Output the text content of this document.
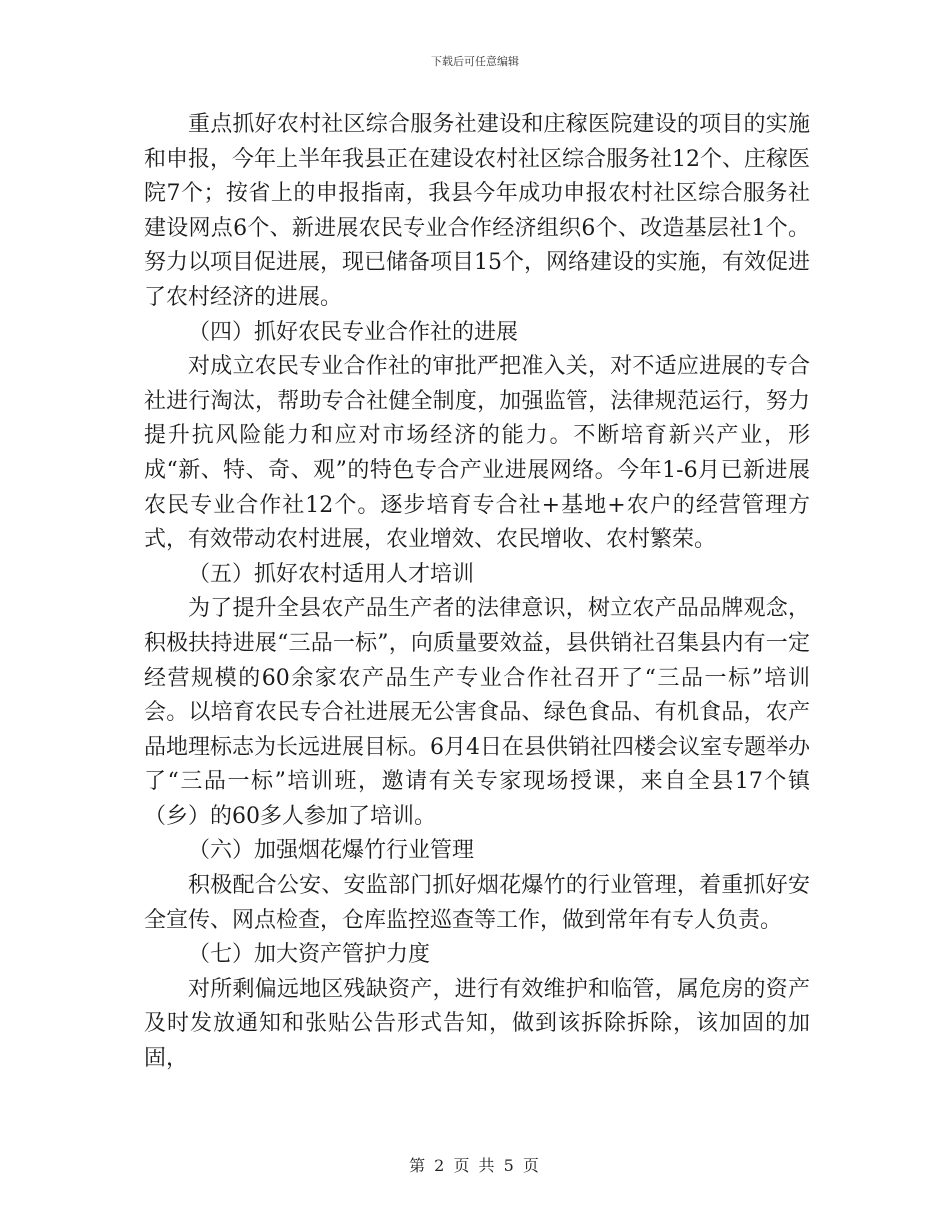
下载后可任意编辑

重点抓好农村社区综合服务社建设和庄稼医院建设的项目的实施和申报，今年上半年我县正在建设农村社区综合服务社12个、庄稼医院7个；按省上的申报指南，我县今年成功申报农村社区综合服务社建设网点6个、新进展农民专业合作经济组织6个、改造基层社1个。努力以项目促进展，现已储备项目15个，网络建设的实施，有效促进了农村经济的进展。

（四）抓好农民专业合作社的进展

对成立农民专业合作社的审批严把准入关，对不适应进展的专合社进行淘汰，帮助专合社健全制度，加强监管，法律规范运行，努力提升抗风险能力和应对市场经济的能力。不断培育新兴产业，形成“新、特、奇、观”的特色专合产业进展网络。今年1-6月已新进展农民专业合作社12个。逐步培育专合社+基地+农户的经营管理方式，有效带动农村进展，农业增效、农民增收、农村繁荣。

（五）抓好农村适用人才培训

为了提升全县农产品生产者的法律意识，树立农产品品牌观念，积极扶持进展“三品一标”，向质量要效益，县供销社召集县内有一定经营规模的60余家农产品生产专业合作社召开了“三品一标”培训会。以培育农民专合社进展无公害食品、绿色食品、有机食品，农产品地理标志为长远进展目标。6月4日在县供销社四楼会议室专题举办了“三品一标”培训班，邀请有关专家现场授课，来自全县17个镇（乡）的60多人参加了培训。

（六）加强烟花爆竹行业管理

积极配合公安、安监部门抓好烟花爆竹的行业管理，着重抓好安全宣传、网点检查，仓库监控巡查等工作，做到常年有专人负责。

（七）加大资产管护力度

对所剩偏远地区残缺资产，进行有效维护和临管，属危房的资产及时发放通知和张贴公告形式告知，做到该拆除拆除，该加固的加固，

第 2 页 共 5 页
